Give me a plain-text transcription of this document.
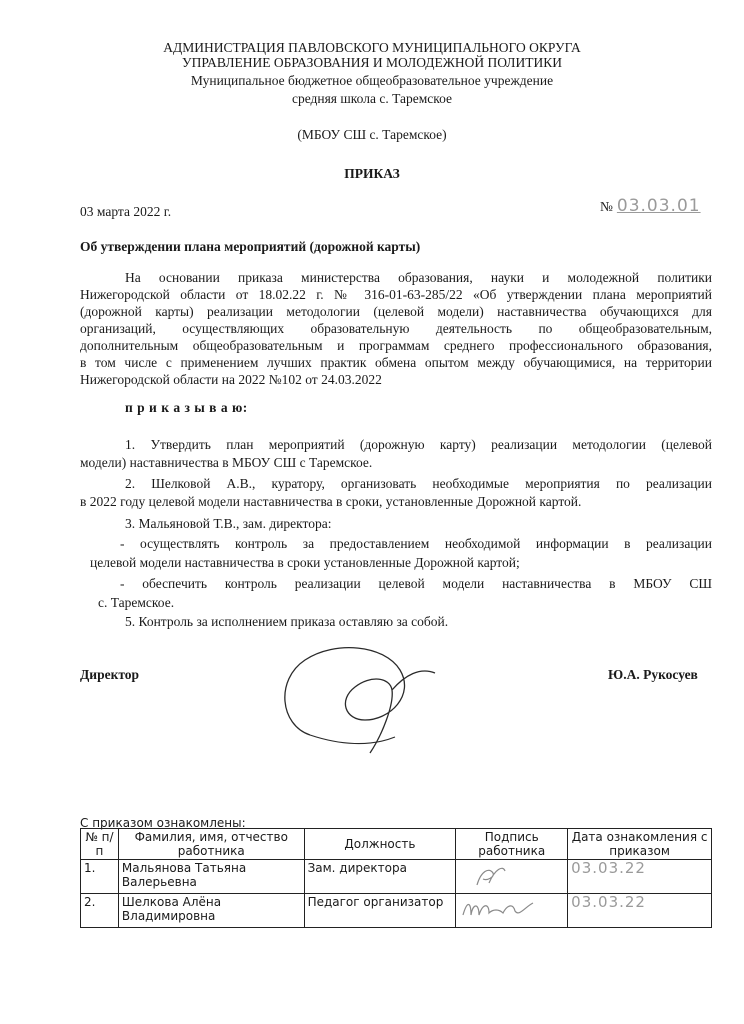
АДМИНИСТРАЦИЯ ПАВЛОВСКОГО МУНИЦИПАЛЬНОГО ОКРУГА
УПРАВЛЕНИЕ ОБРАЗОВАНИЯ И МОЛОДЕЖНОЙ ПОЛИТИКИ
Муниципальное бюджетное общеобразовательное учреждение
средняя школа с. Таремское
(МБОУ СШ с. Таремское)
ПРИКАЗ
03 марта 2022 г.	№ 03.03.01
Об утверждении плана мероприятий (дорожной карты)
На основании приказа министерства образования, науки и молодежной политики
Нижегородской области от 18.02.22 г. № 316-01-63-285/22 «Об утверждении плана мероприятий
(дорожной карты) реализации методологии (целевой модели) наставничества обучающихся для
организаций, осуществляющих образовательную деятельность по общеобразовательным,
дополнительным общеобразовательным и программам среднего профессионального образования,
в том числе с применением лучших практик обмена опытом между обучающимися, на территории
Нижегородской области на 2022 №102 от 24.03.2022
п р и к а з ы в а ю:
1. Утвердить план мероприятий (дорожную карту) реализации методологии (целевой
модели) наставничества в МБОУ СШ с Таремское.
2. Шелковой А.В., куратору, организовать необходимые мероприятия по реализации
в 2022 году целевой модели наставничества в сроки, установленные Дорожной картой.
3. Мальяновой Т.В., зам. директора:
- осуществлять контроль за предоставлением необходимой информации в реализации
целевой модели наставничества в сроки установленные Дорожной картой;
- обеспечить контроль реализации целевой модели наставничества в МБОУ СШ
с. Таремское.
5. Контроль за исполнением приказа оставляю за собой.
Директор	Ю.А. Рукосуев
С приказом ознакомлены:
№ п/п	Фамилия, имя, отчество работника	Должность	Подпись работника	Дата ознакомления с приказом
1.	Мальянова Татьяна Валерьевна	Зам. директора		03.03.22
2.	Шелкова Алёна Владимировна	Педагог организатор		03.03.22
